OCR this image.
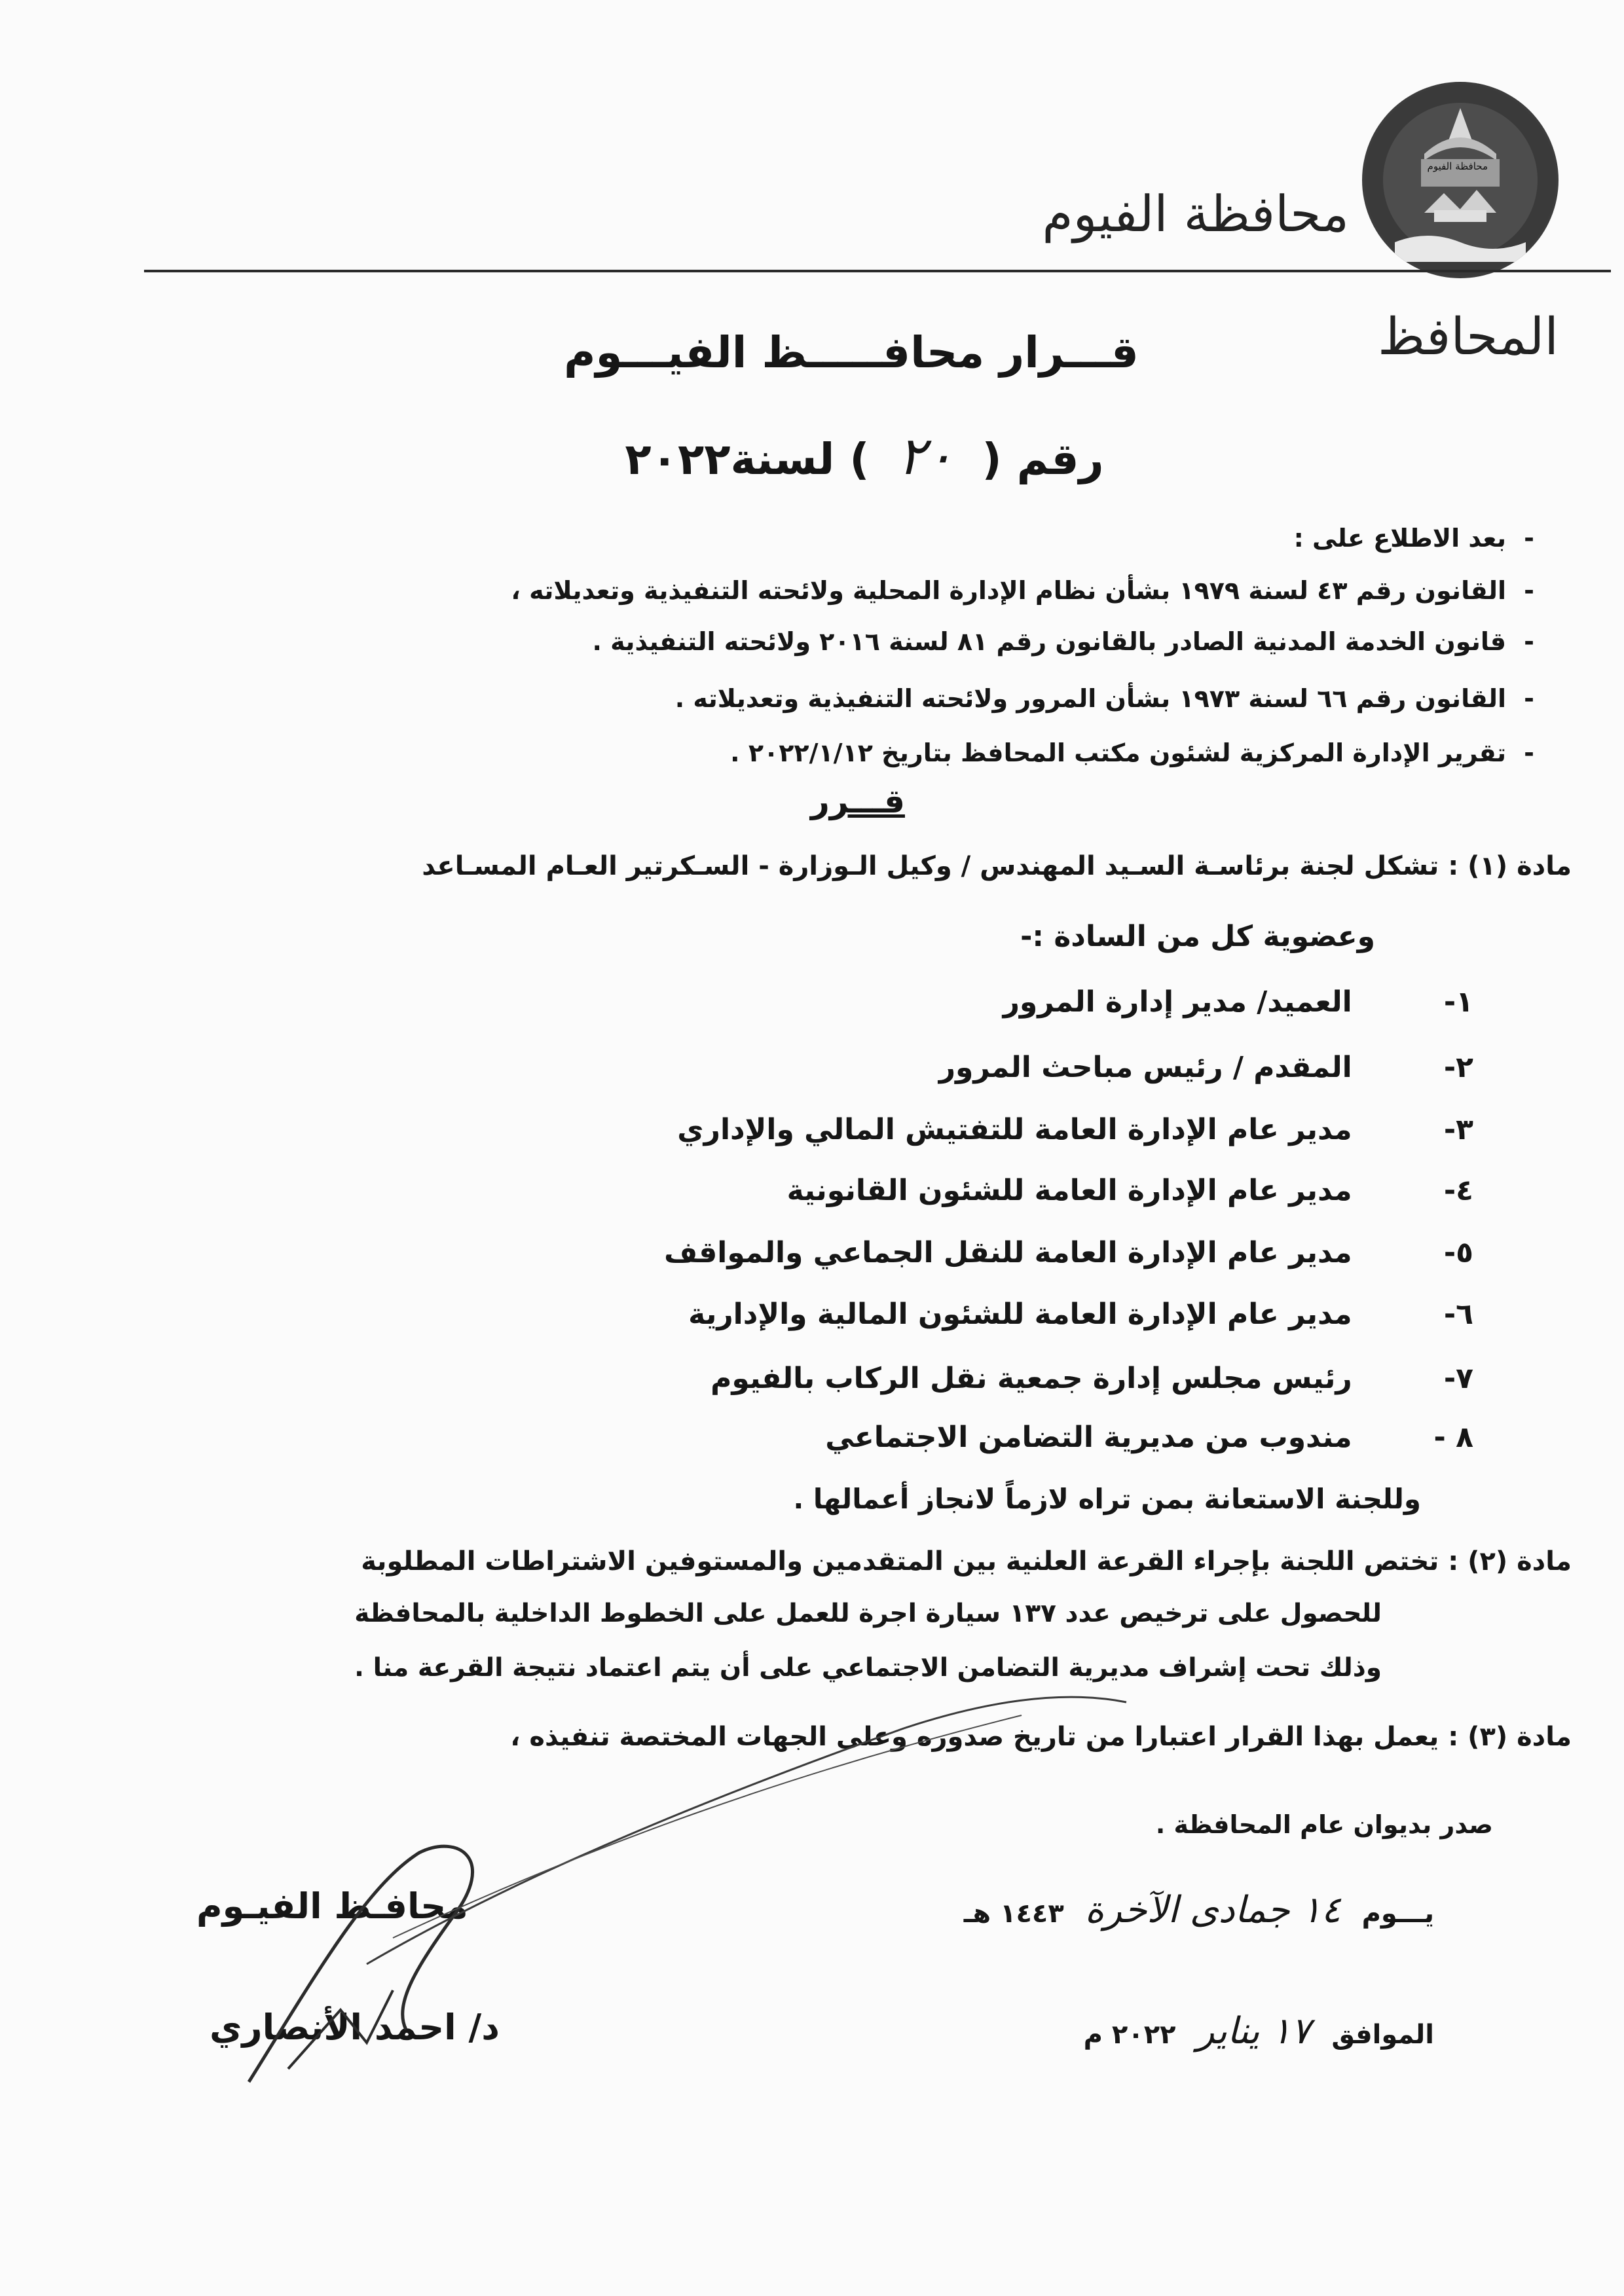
محافظة الفيوم
محافظة الفيوم
المحافظ
قـــرار محافـــــظ الفيـــوم
رقم ( ٢٠ ) لسنة٢٠٢٢
-بعد الاطلاع على :
-القانون رقم ٤٣ لسنة ١٩٧٩ بشأن نظام الإدارة المحلية ولائحته التنفيذية وتعديلاته ،
-قانون الخدمة المدنية الصادر بالقانون رقم ٨١ لسنة ٢٠١٦ ولائحته التنفيذية .
-القانون رقم ٦٦ لسنة ١٩٧٣ بشأن المرور ولائحته التنفيذية وتعديلاته .
-تقرير الإدارة المركزية لشئون مكتب المحافظ بتاريخ ٢٠٢٢/١/١٢ .
قـــرر
مادة (١) : تشكل لجنة برئاسـة السـيد المهندس / وكيل الـوزارة - السـكرتير العـام المسـاعد
وعضوية كل من السادة :-
١- العميد/ مدير إدارة المرور
٢- المقدم / رئيس مباحث المرور
٣- مدير عام الإدارة العامة للتفتيش المالي والإداري
٤- مدير عام الإدارة العامة للشئون القانونية
٥- مدير عام الإدارة العامة للنقل الجماعي والمواقف
٦- مدير عام الإدارة العامة للشئون المالية والإدارية
٧- رئيس مجلس إدارة جمعية نقل الركاب بالفيوم
٨ - مندوب من مديرية التضامن الاجتماعي
وللجنة الاستعانة بمن تراه لازماً لانجاز أعمالها .
مادة (٢) : تختص اللجنة بإجراء القرعة العلنية بين المتقدمين والمستوفين الاشتراطات المطلوبة
للحصول على ترخيص عدد ١٣٧ سيارة اجرة للعمل على الخطوط الداخلية بالمحافظة
وذلك تحت إشراف مديرية التضامن الاجتماعي على أن يتم اعتماد نتيجة القرعة منا .
مادة (٣) : يعمل بهذا القرار اعتبارا من تاريخ صدوره وعلى الجهات المختصة تنفيذه ،
صدر بديوان عام المحافظة .
يـــوم ١٤ جمادى الآخرة ١٤٤٣ هـ
الموافق ١٧ يناير ٢٠٢٢ م
محافـظ الفيـوم
د/ احمد الأنصاري
